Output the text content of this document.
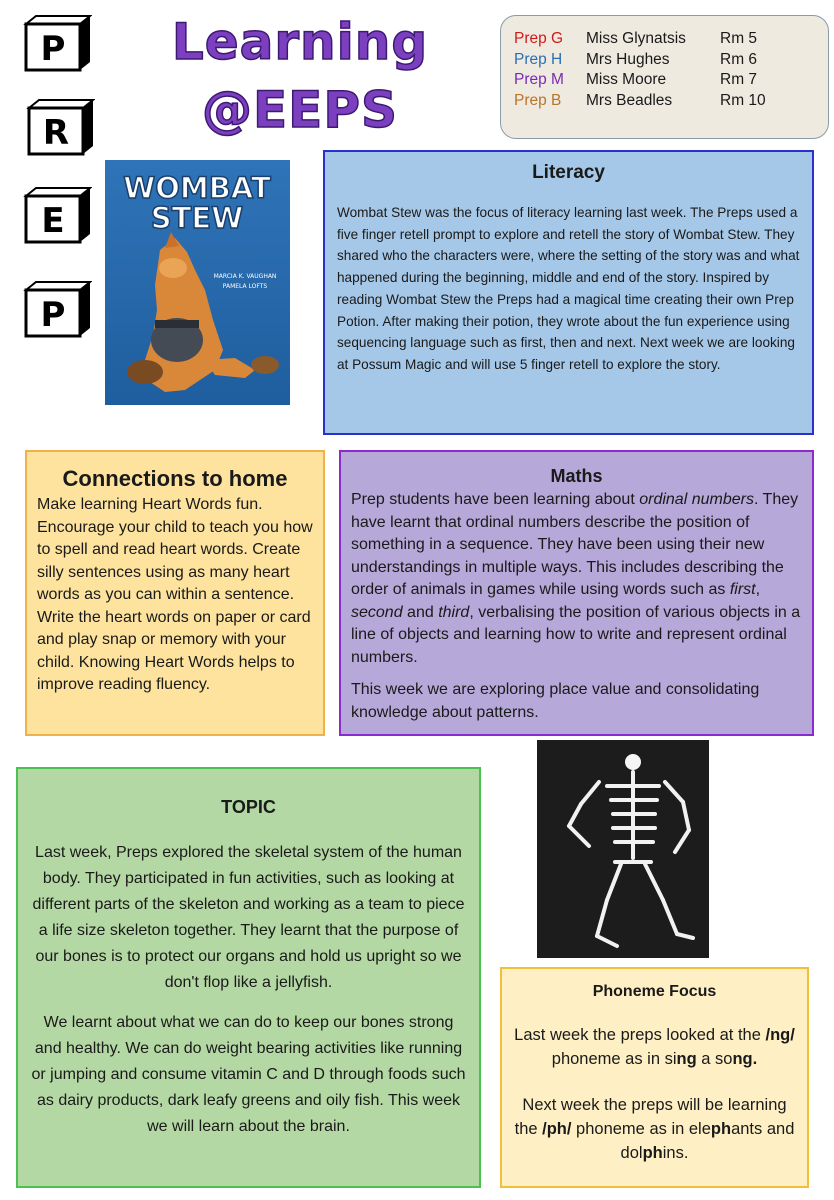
P
R
E
P
Learning
@EEPS
Prep G Miss Glynatsis Rm 5
Prep H Mrs Hughes	Rm 6
Prep M Miss Moore	Rm 7
Prep B Mrs Beadles	Rm 10
WOMBAT
STEW
MARCIA K. VAUGHAN
PAMELA LOFTS
Literacy

Wombat Stew was the focus of literacy learning last week. The Preps used a five finger retell prompt to explore and retell the story of Wombat Stew. They shared who the characters were, where the setting of the story was and what happened during the beginning, middle and end of the story. Inspired by reading Wombat Stew the Preps had a magical time creating their own Prep Potion. After making their potion, they wrote about the fun experience using sequencing language such as first, then and next. Next week we are looking at Possum Magic and will use 5 finger retell to explore the story.

Connections to home

Make learning Heart Words fun. Encourage your child to teach you how to spell and read heart words. Create silly sentences using as many heart words as you can within a sentence. Write the heart words on paper or card and play snap or memory with your child. Knowing Heart Words helps to improve reading fluency.

Maths

Prep students have been learning about ordinal numbers. They have learnt that ordinal numbers describe the position of something in a sequence. They have been using their new understandings in multiple ways. This includes describing the order of animals in games while using words such as first, second and third, verbalising the position of various objects in a line of objects and learning how to write and represent ordinal numbers.

This week we are exploring place value and consolidating knowledge about patterns.

TOPIC

Last week, Preps explored the skeletal system of the human body. They participated in fun activities, such as looking at different parts of the skeleton and working as a team to piece a life size skeleton together. They learnt that the purpose of our bones is to protect our organs and hold us upright so we don't flop like a jellyfish.

We learnt about what we can do to keep our bones strong and healthy. We can do weight bearing activities like running or jumping and consume vitamin C and D through foods such as dairy products, dark leafy greens and oily fish. This week we will learn about the brain.

Phoneme Focus

Last week the preps looked at the /ng/ phoneme as in sing a song.

Next week the preps will be learning the /ph/ phoneme as in elephants and dolphins.
